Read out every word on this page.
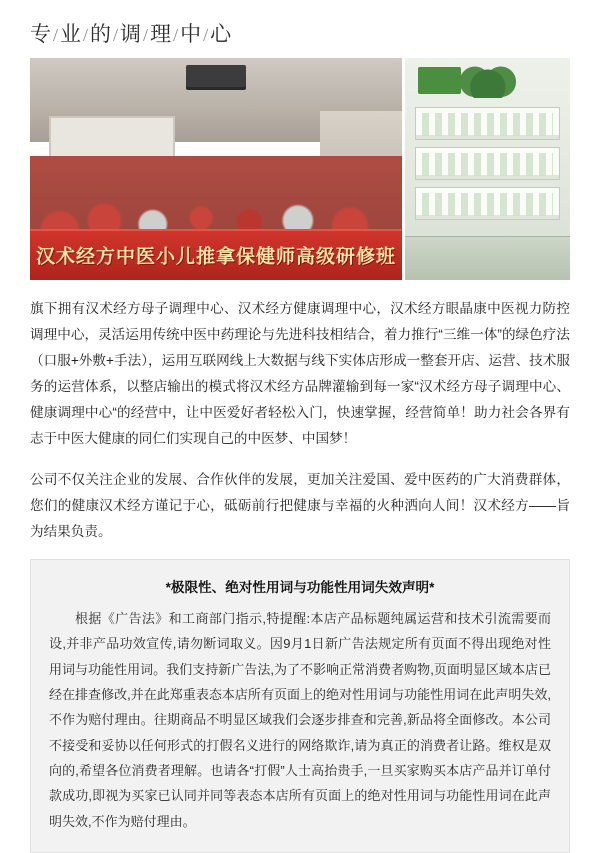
专/业/的/调/理/中/心
汉术经方中医小儿推拿保健师高级研修班

旗下拥有汉术经方母子调理中心、汉术经方健康调理中心，汉术经方眼晶康中医视力防控调理中心，灵活运用传统中医中药理论与先进科技相结合，着力推行“三维一体”的绿色疗法（口服+外敷+手法），运用互联网线上大数据与线下实体店形成一整套开店、运营、技术服务的运营体系，以整店输出的模式将汉术经方品牌灌输到每一家“汉术经方母子调理中心、健康调理中心“的经营中，让中医爱好者轻松入门，快速掌握，经营简单！助力社会各界有志于中医大健康的同仁们实现自己的中医梦、中国梦！

公司不仅关注企业的发展、合作伙伴的发展，更加关注爱国、爱中医药的广大消费群体，您们的健康汉术经方谨记于心，砥砺前行把健康与幸福的火种洒向人间！汉术经方——旨为结果负责。

*极限性、绝对性用词与功能性用词失效声明*
根据《广告法》和工商部门指示,特提醒:本店产品标题纯属运营和技术引流需要而设,并非产品功效宣传,请勿断词取义。因9月1日新广告法规定所有页面不得出现绝对性用词与功能性用词。我们支持新广告法,为了不影响正常消费者购物,页面明显区域本店已经在排查修改,并在此郑重表态本店所有页面上的绝对性用词与功能性用词在此声明失效,不作为赔付理由。往期商品不明显区域我们会逐步排查和完善,新品将全面修改。本公司不接受和妥协以任何形式的打假名义进行的网络欺诈,请为真正的消费者让路。维权是双向的,希望各位消费者理解。也请各“打假”人士高抬贵手,一旦买家购买本店产品并订单付款成功,即视为买家已认同并同等表态本店所有页面上的绝对性用词与功能性用词在此声明失效,不作为赔付理由。
